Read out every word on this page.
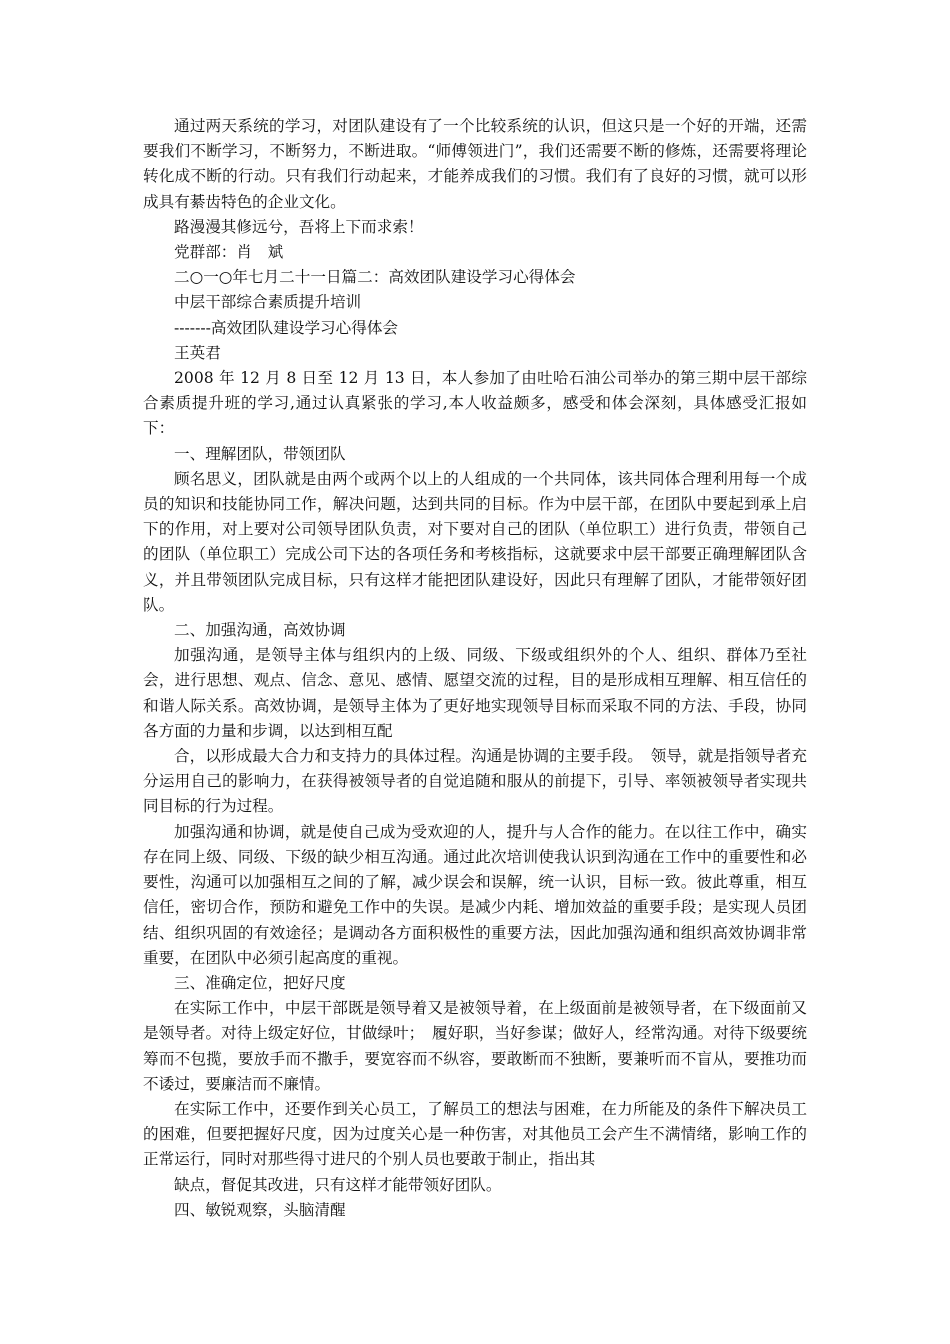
通过两天系统的学习，对团队建设有了一个比较系统的认识，但这只是一个好的开端，还需要我们不断学习，不断努力，不断进取。“师傅领进门”，我们还需要不断的修炼，还需要将理论转化成不断的行动。只有我们行动起来，才能养成我们的习惯。我们有了良好的习惯，就可以形成具有綦齿特色的企业文化。

路漫漫其修远兮，吾将上下而求索！

党群部：肖　斌

二○一○年七月二十一日篇二：高效团队建设学习心得体会

中层干部综合素质提升培训

-------高效团队建设学习心得体会

王英君

2008 年 12 月 8 日至 12 月 13 日，本人参加了由吐哈石油公司举办的第三期中层干部综合素质提升班的学习,通过认真紧张的学习,本人收益颇多，感受和体会深刻，具体感受汇报如下：

一、理解团队，带领团队

顾名思义，团队就是由两个或两个以上的人组成的一个共同体，该共同体合理利用每一个成员的知识和技能协同工作，解决问题，达到共同的目标。作为中层干部，在团队中要起到承上启下的作用，对上要对公司领导团队负责，对下要对自己的团队（单位职工）进行负责，带领自己的团队（单位职工）完成公司下达的各项任务和考核指标，这就要求中层干部要正确理解团队含义，并且带领团队完成目标，只有这样才能把团队建设好，因此只有理解了团队，才能带领好团队。

二、加强沟通，高效协调

加强沟通，是领导主体与组织内的上级、同级、下级或组织外的个人、组织、群体乃至社会，进行思想、观点、信念、意见、感情、愿望交流的过程，目的是形成相互理解、相互信任的和谐人际关系。高效协调，是领导主体为了更好地实现领导目标而采取不同的方法、手段，协同各方面的力量和步调，以达到相互配

合，以形成最大合力和支持力的具体过程。沟通是协调的主要手段。　领导，就是指领导者充分运用自己的影响力，在获得被领导者的自觉追随和服从的前提下，引导、率领被领导者实现共同目标的行为过程。

加强沟通和协调，就是使自己成为受欢迎的人，提升与人合作的能力。在以往工作中，确实存在同上级、同级、下级的缺少相互沟通。通过此次培训使我认识到沟通在工作中的重要性和必要性，沟通可以加强相互之间的了解，减少误会和误解，统一认识，目标一致。彼此尊重，相互信任，密切合作，预防和避免工作中的失误。是减少内耗、增加效益的重要手段；是实现人员团结、组织巩固的有效途径；是调动各方面积极性的重要方法，因此加强沟通和组织高效协调非常重要，在团队中必须引起高度的重视。

三、准确定位，把好尺度

在实际工作中，中层干部既是领导着又是被领导着，在上级面前是被领导者，在下级面前又是领导者。对待上级定好位，甘做绿叶；　履好职，当好参谋；做好人，经常沟通。对待下级要统筹而不包揽，要放手而不撒手，要宽容而不纵容，要敢断而不独断，要兼听而不盲从，要推功而不诿过，要廉洁而不廉情。

在实际工作中，还要作到关心员工，了解员工的想法与困难，在力所能及的条件下解决员工的困难，但要把握好尺度，因为过度关心是一种伤害，对其他员工会产生不满情绪，影响工作的正常运行，同时对那些得寸进尺的个别人员也要敢于制止，指出其

缺点，督促其改进，只有这样才能带领好团队。

四、敏锐观察，头脑清醒
